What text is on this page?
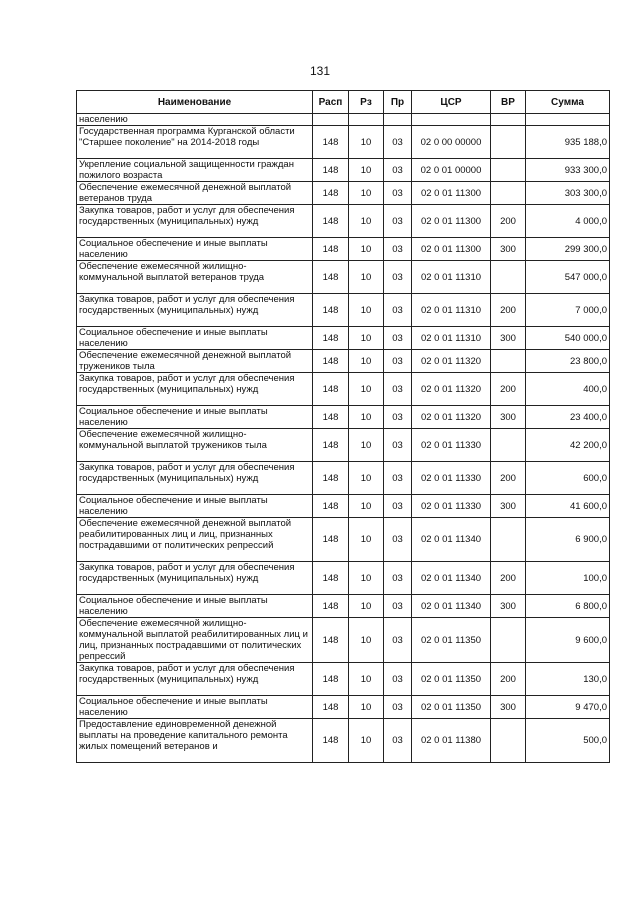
131
Наименование	Расп	Рз	Пр	ЦСР	ВР	Сумма
населению						
Государственная программа Курганской области "Старшее поколение" на 2014-2018 годы	148	10	03	02 0 00 00000		935 188,0
Укрепление социальной защищенности граждан пожилого возраста	148	10	03	02 0 01 00000		933 300,0
Обеспечение ежемесячной денежной выплатой ветеранов труда	148	10	03	02 0 01 11300		303 300,0
Закупка товаров, работ и услуг для обеспечения государственных (муниципальных) нужд	148	10	03	02 0 01 11300	200	4 000,0
Социальное обеспечение и иные выплаты населению	148	10	03	02 0 01 11300	300	299 300,0
Обеспечение ежемесячной жилищно-коммунальной выплатой ветеранов труда	148	10	03	02 0 01 11310		547 000,0
Закупка товаров, работ и услуг для обеспечения государственных (муниципальных) нужд	148	10	03	02 0 01 11310	200	7 000,0
Социальное обеспечение и иные выплаты населению	148	10	03	02 0 01 11310	300	540 000,0
Обеспечение ежемесячной денежной выплатой тружеников тыла	148	10	03	02 0 01 11320		23 800,0
Закупка товаров, работ и услуг для обеспечения государственных (муниципальных) нужд	148	10	03	02 0 01 11320	200	400,0
Социальное обеспечение и иные выплаты населению	148	10	03	02 0 01 11320	300	23 400,0
Обеспечение ежемесячной жилищно-коммунальной выплатой тружеников тыла	148	10	03	02 0 01 11330		42 200,0
Закупка товаров, работ и услуг для обеспечения государственных (муниципальных) нужд	148	10	03	02 0 01 11330	200	600,0
Социальное обеспечение и иные выплаты населению	148	10	03	02 0 01 11330	300	41 600,0
Обеспечение ежемесячной денежной выплатой реабилитированных лиц и лиц, признанных пострадавшими от политических репрессий	148	10	03	02 0 01 11340		6 900,0
Закупка товаров, работ и услуг для обеспечения государственных (муниципальных) нужд	148	10	03	02 0 01 11340	200	100,0
Социальное обеспечение и иные выплаты населению	148	10	03	02 0 01 11340	300	6 800,0
Обеспечение ежемесячной жилищно-коммунальной выплатой реабилитированных лиц и лиц, признанных пострадавшими от политических репрессий	148	10	03	02 0 01 11350		9 600,0
Закупка товаров, работ и услуг для обеспечения государственных (муниципальных) нужд	148	10	03	02 0 01 11350	200	130,0
Социальное обеспечение и иные выплаты населению	148	10	03	02 0 01 11350	300	9 470,0
Предоставление единовременной денежной выплаты на проведение капитального ремонта жилых помещений ветеранов и	148	10	03	02 0 01 11380		500,0
